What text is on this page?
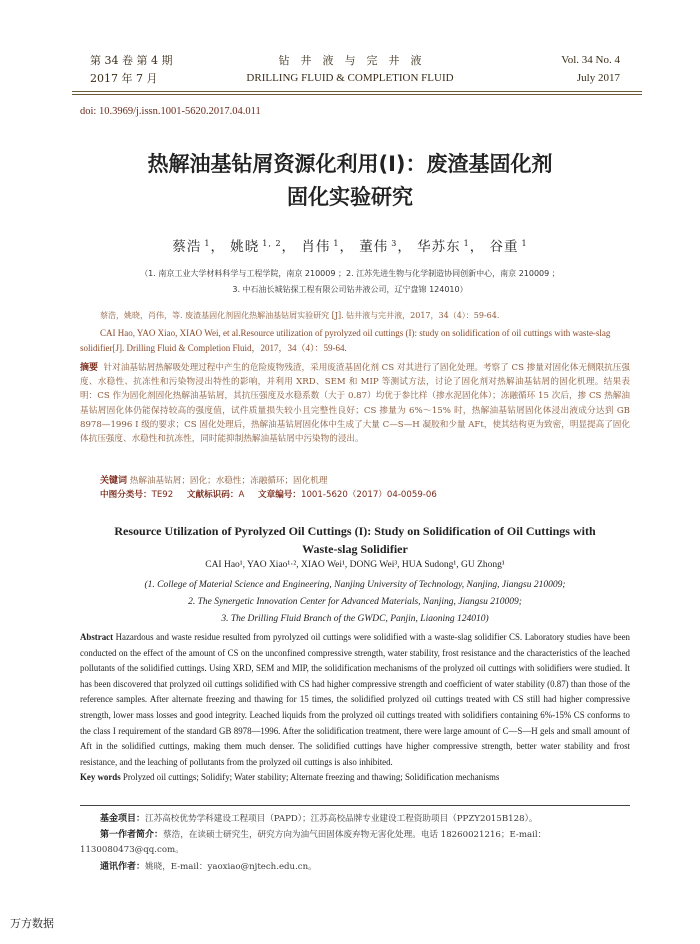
第 34 卷 第 4 期
2017 年 7 月
钻　井　液　与　完　井　液
DRILLING FLUID & COMPLETION FLUID
Vol. 34 No. 4
July 2017
doi: 10.3969/j.issn.1001-5620.2017.04.011
热解油基钻屑资源化利用(I)：废渣基固化剂
固化实验研究
蔡浩 $^1$， 姚晓 $^{1, 2}$， 肖伟 $^1$， 董伟 $^3$， 华苏东 $^1$， 谷重 $^1$
（1. 南京工业大学材料科学与工程学院，南京 210009 ；2. 江苏先进生物与化学制造协同创新中心，南京 210009 ；
3. 中石油长城钻探工程有限公司钻井液公司，辽宁盘锦 124010）
蔡浩，姚晓，肖伟，等. 废渣基固化剂固化热解油基钻屑实验研究 [J]. 钻井液与完井液，2017，34（4）：59-64.
CAI Hao, YAO Xiao, XIAO Wei, et al.Resource utilization of pyrolyzed oil cuttings (I): study on solidification of oil cuttings with waste-slag solidifier[J]. Drilling Fluid & Completion Fluid，2017，34（4）：59-64.
摘要 针对油基钻屑热解吸处理过程中产生的危险废物残渣，采用废渣基固化剂 CS 对其进行了固化处理。考察了 CS 掺量对固化体无侧限抗压强度、水稳性、抗冻性和污染物浸出特性的影响，并利用 XRD、SEM 和 MIP 等测试方法，讨论了固化剂对热解油基钻屑的固化机理。结果表明：CS 作为固化剂固化热解油基钻屑，其抗压强度及水稳系数（大于 0.87）均优于参比样（掺水泥固化体）；冻融循环 15 次后，掺 CS 热解油基钻屑固化体仍能保持较高的强度值，试件质量损失较小且完整性良好；CS 掺量为 6%～15% 时，热解油基钻屑固化体浸出液成分达到 GB 8978—1996 Ⅰ 级的要求；CS 固化处理后，热解油基钻屑固化体中生成了大量 C—S—H 凝胶和少量 AFt，使其结构更为致密，明显提高了固化体抗压强度、水稳性和抗冻性，同时能抑制热解油基钻屑中污染物的浸出。
关键词 热解油基钻屑；固化；水稳性；冻融循环；固化机理
中图分类号：TE92 文献标识码：A 文章编号：1001-5620（2017）04-0059-06
Resource Utilization of Pyrolyzed Oil Cuttings (I): Study on Solidification of Oil Cuttings with
Waste-slag Solidifier
CAI Hao¹, YAO Xiao¹·², XIAO Wei¹, DONG Wei³, HUA Sudong¹, GU Zhong¹
(1. College of Material Science and Engineering, Nanjing University of Technology, Nanjing, Jiangsu 210009;
2. The Synergetic Innovation Center for Advanced Materials, Nanjing, Jiangsu 210009;
3. The Drilling Fluid Branch of the GWDC, Panjin, Liaoning 124010)
Abstract Hazardous and waste residue resulted from pyrolyzed oil cuttings were solidified with a waste-slag solidifier CS. Laboratory studies have been conducted on the effect of the amount of CS on the unconfined compressive strength, water stability, frost resistance and the characteristics of the leached pollutants of the solidified cuttings. Using XRD, SEM and MIP, the solidification mechanisms of the prolyzed oil cuttings with solidifiers were studied. It has been discovered that prolyzed oil cuttings solidified with CS had higher compressive strength and coefficient of water stability (0.87) than those of the reference samples. After alternate freezing and thawing for 15 times, the solidified prolyzed oil cuttings treated with CS still had higher compressive strength, lower mass losses and good integrity. Leached liquids from the prolyzed oil cuttings treated with solidifiers containing 6%-15% CS conforms to the class I requirement of the standard GB 8978—1996. After the solidification treatment, there were large amount of C—S—H gels and small amount of Aft in the solidified cuttings, making them much denser. The solidified cuttings have higher compressive strength, better water stability and frost resistance, and the leaching of pollutants from the prolyzed oil cuttings is also inhibited.
Key words Prolyzed oil cuttings; Solidify; Water stability; Alternate freezing and thawing; Solidification mechanisms
基金项目：江苏高校优势学科建设工程项目（PAPD）；江苏高校品牌专业建设工程资助项目（PPZY2015B128）。
第一作者简介：蔡浩，在读硕士研究生，研究方向为油气田固体废弃物无害化处理。电话 18260021216；E-mail：1130080473@qq.com。
通讯作者：姚晓，E-mail：yaoxiao@njtech.edu.cn。
万方数据
